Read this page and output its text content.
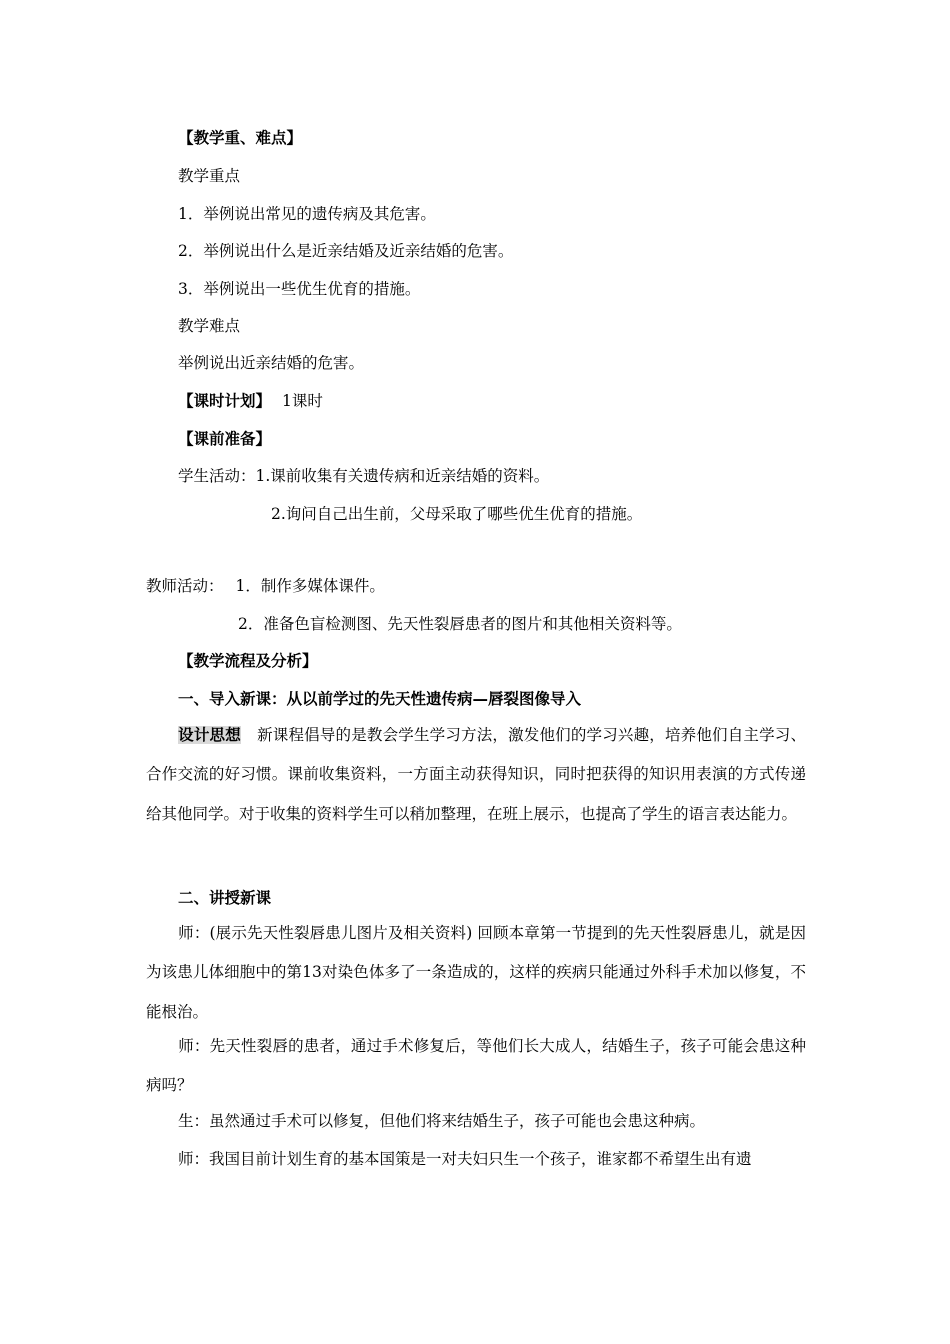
【教学重、难点】
教学重点
1．举例说出常见的遗传病及其危害。
2．举例说出什么是近亲结婚及近亲结婚的危害。
3．举例说出一些优生优育的措施。
教学难点
举例说出近亲结婚的危害。
【课时计划】 1课时
【课前准备】
学生活动：1.课前收集有关遗传病和近亲结婚的资料。
2.询问自己出生前，父母采取了哪些优生优育的措施。
教师活动： 1．制作多媒体课件。
2．准备色盲检测图、先天性裂唇患者的图片和其他相关资料等。
【教学流程及分析】
一、导入新课：从以前学过的先天性遗传病—唇裂图像导入
设计思想 新课程倡导的是教会学生学习方法，激发他们的学习兴趣，培养他们自主学习、合作交流的好习惯。课前收集资料，一方面主动获得知识，同时把获得的知识用表演的方式传递给其他同学。对于收集的资料学生可以稍加整理，在班上展示，也提高了学生的语言表达能力。
二、讲授新课
师：(展示先天性裂唇患儿图片及相关资料) 回顾本章第一节提到的先天性裂唇患儿，就是因为该患儿体细胞中的第13对染色体多了一条造成的，这样的疾病只能通过外科手术加以修复，不能根治。
师：先天性裂唇的患者，通过手术修复后，等他们长大成人，结婚生子，孩子可能会患这种病吗？
生：虽然通过手术可以修复，但他们将来结婚生子，孩子可能也会患这种病。
师：我国目前计划生育的基本国策是一对夫妇只生一个孩子，谁家都不希望生出有遗
